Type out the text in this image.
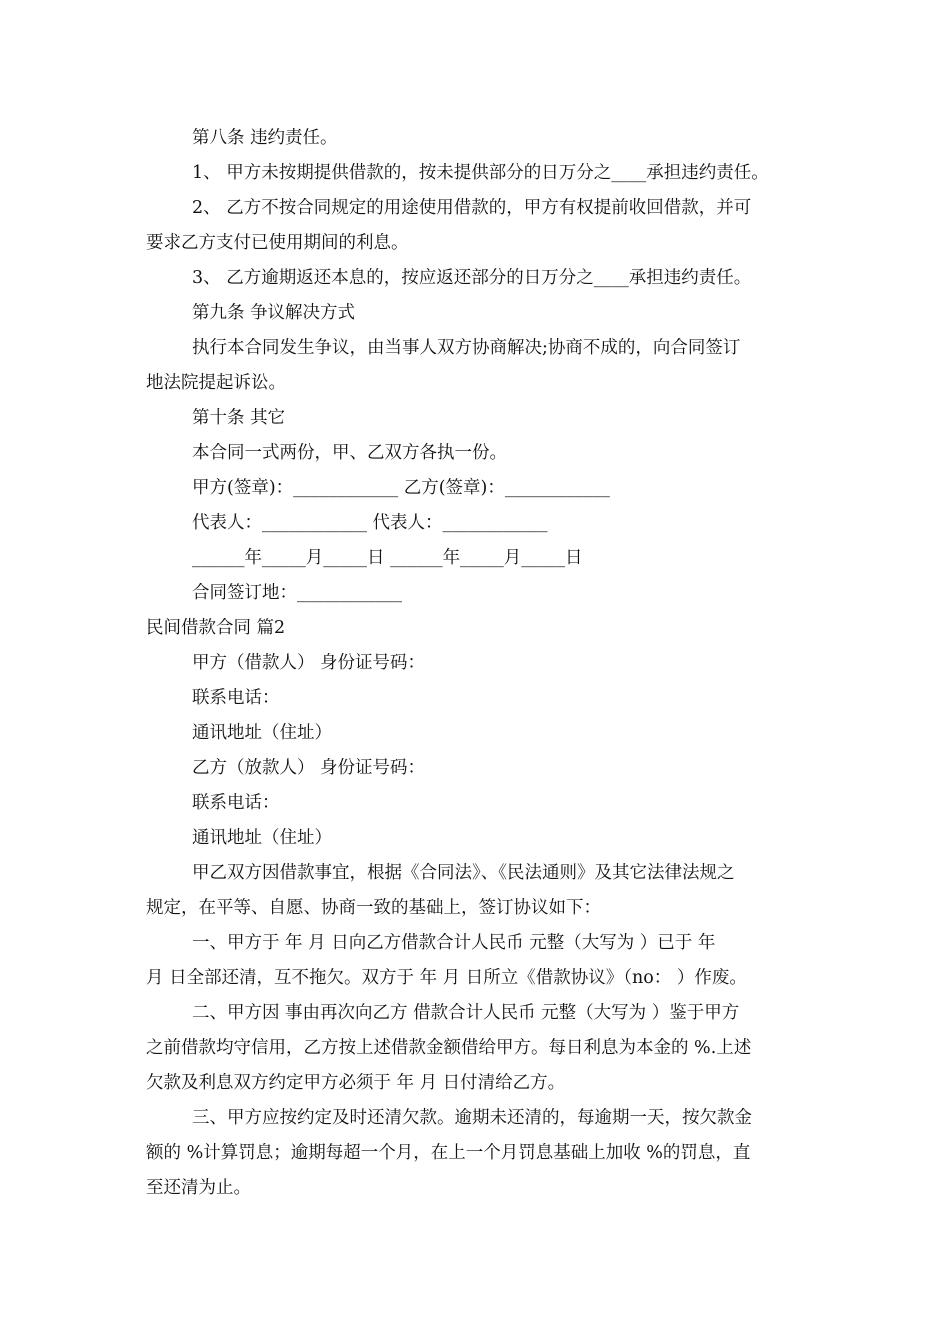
第八条 违约责任。
1、 甲方未按期提供借款的，按未提供部分的日万分之____承担违约责任。
2、 乙方不按合同规定的用途使用借款的，甲方有权提前收回借款，并可
要求乙方支付已使用期间的利息。
3、 乙方逾期返还本息的，按应返还部分的日万分之____承担违约责任。
第九条 争议解决方式
执行本合同发生争议，由当事人双方协商解决;协商不成的，向合同签订
地法院提起诉讼。
第十条 其它
本合同一式两份，甲、乙双方各执一份。
甲方(签章)：____________ 乙方(签章)：____________
代表人：____________ 代表人：____________
______年_____月_____日 ______年_____月_____日
合同签订地：____________
民间借款合同 篇2
甲方（借款人） 身份证号码：
联系电话：
通讯地址（住址）
乙方（放款人） 身份证号码：
联系电话：
通讯地址（住址）
甲乙双方因借款事宜，根据《合同法》、《民法通则》及其它法律法规之
规定，在平等、自愿、协商一致的基础上，签订协议如下：
一、甲方于 年 月 日向乙方借款合计人民币 元整（大写为 ）已于 年
月 日全部还清，互不拖欠。双方于 年 月 日所立《借款协议》（no： ）作废。
二、甲方因 事由再次向乙方 借款合计人民币 元整（大写为 ）鉴于甲方
之前借款均守信用，乙方按上述借款金额借给甲方。每日利息为本金的 %.上述
欠款及利息双方约定甲方必须于 年 月 日付清给乙方。
三、甲方应按约定及时还清欠款。逾期未还清的，每逾期一天，按欠款金
额的 %计算罚息；逾期每超一个月，在上一个月罚息基础上加收 %的罚息，直
至还清为止。
